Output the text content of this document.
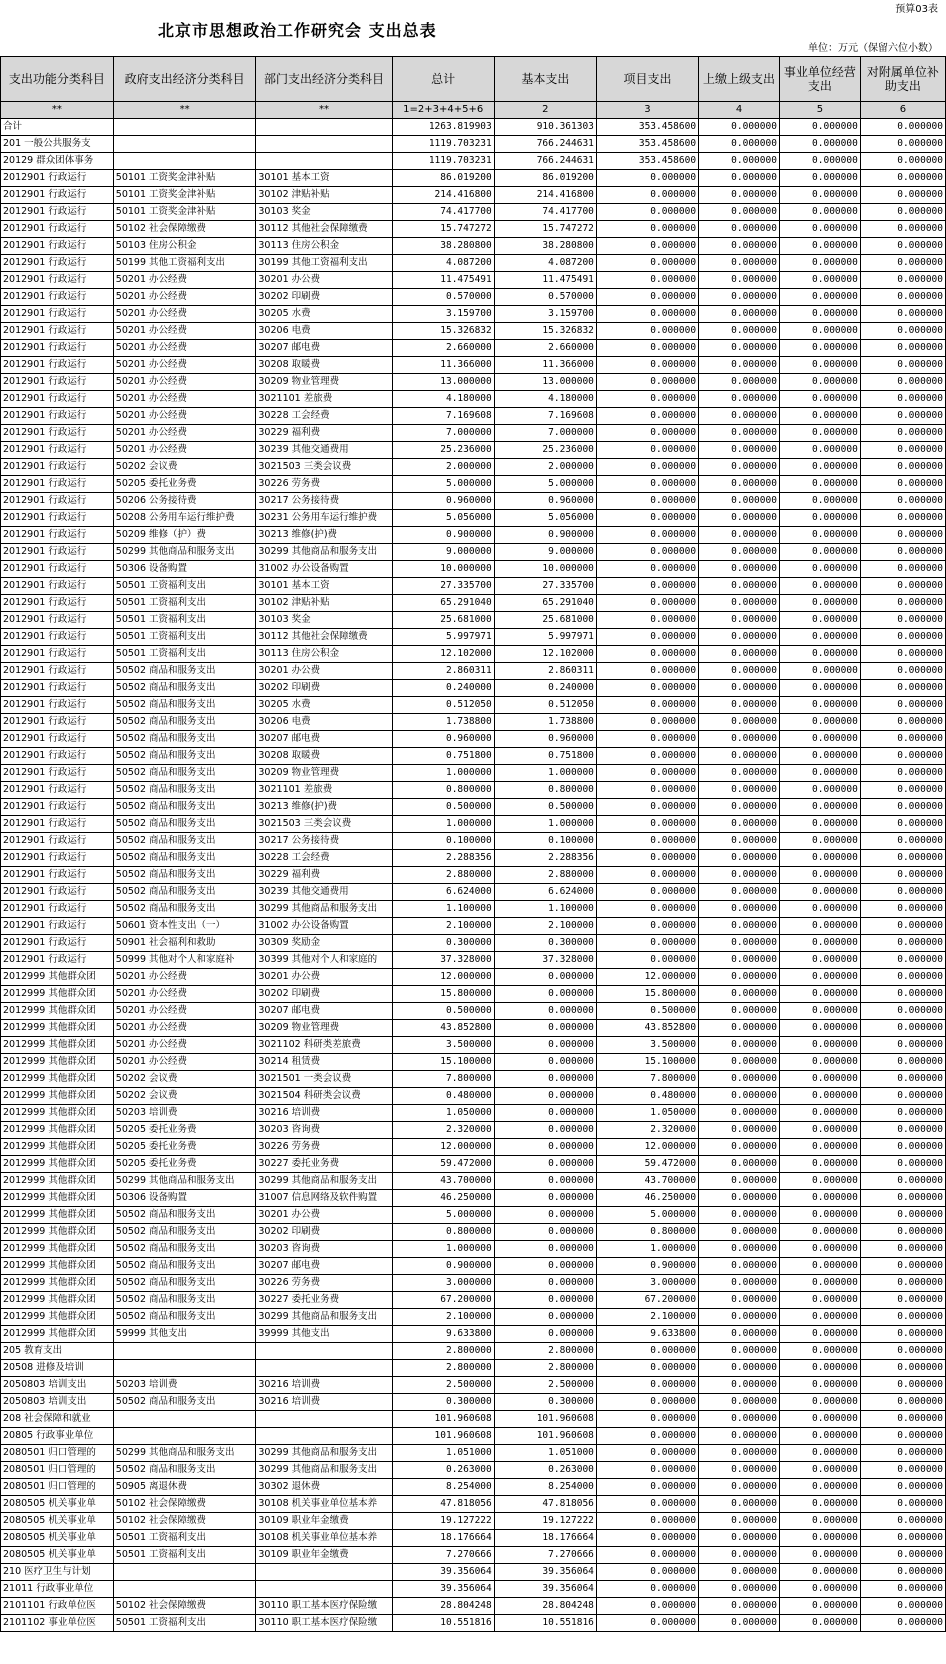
预算03表
北京市思想政治工作研究会 支出总表
单位：万元（保留六位小数）
支出功能分类科目	政府支出经济分类科目	部门支出经济分类科目	总计	基本支出	项目支出	上缴上级支出	事业单位经营支出	对附属单位补助支出
**	**	**	1=2+3+4+5+6	2	3	4	5	6
合计			1263.819903	910.361303	353.458600	0.000000	0.000000	0.000000
201 一般公共服务支			1119.703231	766.244631	353.458600	0.000000	0.000000	0.000000
20129 群众团体事务			1119.703231	766.244631	353.458600	0.000000	0.000000	0.000000
2012901 行政运行	50101 工资奖金津补贴	30101 基本工资	86.019200	86.019200	0.000000	0.000000	0.000000	0.000000
2012901 行政运行	50101 工资奖金津补贴	30102 津贴补贴	214.416800	214.416800	0.000000	0.000000	0.000000	0.000000
2012901 行政运行	50101 工资奖金津补贴	30103 奖金	74.417700	74.417700	0.000000	0.000000	0.000000	0.000000
2012901 行政运行	50102 社会保障缴费	30112 其他社会保障缴费	15.747272	15.747272	0.000000	0.000000	0.000000	0.000000
2012901 行政运行	50103 住房公积金	30113 住房公积金	38.280800	38.280800	0.000000	0.000000	0.000000	0.000000
2012901 行政运行	50199 其他工资福利支出	30199 其他工资福利支出	4.087200	4.087200	0.000000	0.000000	0.000000	0.000000
2012901 行政运行	50201 办公经费	30201 办公费	11.475491	11.475491	0.000000	0.000000	0.000000	0.000000
2012901 行政运行	50201 办公经费	30202 印刷费	0.570000	0.570000	0.000000	0.000000	0.000000	0.000000
2012901 行政运行	50201 办公经费	30205 水费	3.159700	3.159700	0.000000	0.000000	0.000000	0.000000
2012901 行政运行	50201 办公经费	30206 电费	15.326832	15.326832	0.000000	0.000000	0.000000	0.000000
2012901 行政运行	50201 办公经费	30207 邮电费	2.660000	2.660000	0.000000	0.000000	0.000000	0.000000
2012901 行政运行	50201 办公经费	30208 取暖费	11.366000	11.366000	0.000000	0.000000	0.000000	0.000000
2012901 行政运行	50201 办公经费	30209 物业管理费	13.000000	13.000000	0.000000	0.000000	0.000000	0.000000
2012901 行政运行	50201 办公经费	3021101 差旅费	4.180000	4.180000	0.000000	0.000000	0.000000	0.000000
2012901 行政运行	50201 办公经费	30228 工会经费	7.169608	7.169608	0.000000	0.000000	0.000000	0.000000
2012901 行政运行	50201 办公经费	30229 福利费	7.000000	7.000000	0.000000	0.000000	0.000000	0.000000
2012901 行政运行	50201 办公经费	30239 其他交通费用	25.236000	25.236000	0.000000	0.000000	0.000000	0.000000
2012901 行政运行	50202 会议费	3021503 三类会议费	2.000000	2.000000	0.000000	0.000000	0.000000	0.000000
2012901 行政运行	50205 委托业务费	30226 劳务费	5.000000	5.000000	0.000000	0.000000	0.000000	0.000000
2012901 行政运行	50206 公务接待费	30217 公务接待费	0.960000	0.960000	0.000000	0.000000	0.000000	0.000000
2012901 行政运行	50208 公务用车运行维护费	30231 公务用车运行维护费	5.056000	5.056000	0.000000	0.000000	0.000000	0.000000
2012901 行政运行	50209 维修（护）费	30213 维修(护)费	0.900000	0.900000	0.000000	0.000000	0.000000	0.000000
2012901 行政运行	50299 其他商品和服务支出	30299 其他商品和服务支出	9.000000	9.000000	0.000000	0.000000	0.000000	0.000000
2012901 行政运行	50306 设备购置	31002 办公设备购置	10.000000	10.000000	0.000000	0.000000	0.000000	0.000000
2012901 行政运行	50501 工资福利支出	30101 基本工资	27.335700	27.335700	0.000000	0.000000	0.000000	0.000000
2012901 行政运行	50501 工资福利支出	30102 津贴补贴	65.291040	65.291040	0.000000	0.000000	0.000000	0.000000
2012901 行政运行	50501 工资福利支出	30103 奖金	25.681000	25.681000	0.000000	0.000000	0.000000	0.000000
2012901 行政运行	50501 工资福利支出	30112 其他社会保障缴费	5.997971	5.997971	0.000000	0.000000	0.000000	0.000000
2012901 行政运行	50501 工资福利支出	30113 住房公积金	12.102000	12.102000	0.000000	0.000000	0.000000	0.000000
2012901 行政运行	50502 商品和服务支出	30201 办公费	2.860311	2.860311	0.000000	0.000000	0.000000	0.000000
2012901 行政运行	50502 商品和服务支出	30202 印刷费	0.240000	0.240000	0.000000	0.000000	0.000000	0.000000
2012901 行政运行	50502 商品和服务支出	30205 水费	0.512050	0.512050	0.000000	0.000000	0.000000	0.000000
2012901 行政运行	50502 商品和服务支出	30206 电费	1.738800	1.738800	0.000000	0.000000	0.000000	0.000000
2012901 行政运行	50502 商品和服务支出	30207 邮电费	0.960000	0.960000	0.000000	0.000000	0.000000	0.000000
2012901 行政运行	50502 商品和服务支出	30208 取暖费	0.751800	0.751800	0.000000	0.000000	0.000000	0.000000
2012901 行政运行	50502 商品和服务支出	30209 物业管理费	1.000000	1.000000	0.000000	0.000000	0.000000	0.000000
2012901 行政运行	50502 商品和服务支出	3021101 差旅费	0.800000	0.800000	0.000000	0.000000	0.000000	0.000000
2012901 行政运行	50502 商品和服务支出	30213 维修(护)费	0.500000	0.500000	0.000000	0.000000	0.000000	0.000000
2012901 行政运行	50502 商品和服务支出	3021503 三类会议费	1.000000	1.000000	0.000000	0.000000	0.000000	0.000000
2012901 行政运行	50502 商品和服务支出	30217 公务接待费	0.100000	0.100000	0.000000	0.000000	0.000000	0.000000
2012901 行政运行	50502 商品和服务支出	30228 工会经费	2.288356	2.288356	0.000000	0.000000	0.000000	0.000000
2012901 行政运行	50502 商品和服务支出	30229 福利费	2.880000	2.880000	0.000000	0.000000	0.000000	0.000000
2012901 行政运行	50502 商品和服务支出	30239 其他交通费用	6.624000	6.624000	0.000000	0.000000	0.000000	0.000000
2012901 行政运行	50502 商品和服务支出	30299 其他商品和服务支出	1.100000	1.100000	0.000000	0.000000	0.000000	0.000000
2012901 行政运行	50601 资本性支出（一）	31002 办公设备购置	2.100000	2.100000	0.000000	0.000000	0.000000	0.000000
2012901 行政运行	50901 社会福利和救助	30309 奖励金	0.300000	0.300000	0.000000	0.000000	0.000000	0.000000
2012901 行政运行	50999 其他对个人和家庭补	30399 其他对个人和家庭的	37.328000	37.328000	0.000000	0.000000	0.000000	0.000000
2012999 其他群众团	50201 办公经费	30201 办公费	12.000000	0.000000	12.000000	0.000000	0.000000	0.000000
2012999 其他群众团	50201 办公经费	30202 印刷费	15.800000	0.000000	15.800000	0.000000	0.000000	0.000000
2012999 其他群众团	50201 办公经费	30207 邮电费	0.500000	0.000000	0.500000	0.000000	0.000000	0.000000
2012999 其他群众团	50201 办公经费	30209 物业管理费	43.852800	0.000000	43.852800	0.000000	0.000000	0.000000
2012999 其他群众团	50201 办公经费	3021102 科研类差旅费	3.500000	0.000000	3.500000	0.000000	0.000000	0.000000
2012999 其他群众团	50201 办公经费	30214 租赁费	15.100000	0.000000	15.100000	0.000000	0.000000	0.000000
2012999 其他群众团	50202 会议费	3021501 一类会议费	7.800000	0.000000	7.800000	0.000000	0.000000	0.000000
2012999 其他群众团	50202 会议费	3021504 科研类会议费	0.480000	0.000000	0.480000	0.000000	0.000000	0.000000
2012999 其他群众团	50203 培训费	30216 培训费	1.050000	0.000000	1.050000	0.000000	0.000000	0.000000
2012999 其他群众团	50205 委托业务费	30203 咨询费	2.320000	0.000000	2.320000	0.000000	0.000000	0.000000
2012999 其他群众团	50205 委托业务费	30226 劳务费	12.000000	0.000000	12.000000	0.000000	0.000000	0.000000
2012999 其他群众团	50205 委托业务费	30227 委托业务费	59.472000	0.000000	59.472000	0.000000	0.000000	0.000000
2012999 其他群众团	50299 其他商品和服务支出	30299 其他商品和服务支出	43.700000	0.000000	43.700000	0.000000	0.000000	0.000000
2012999 其他群众团	50306 设备购置	31007 信息网络及软件购置	46.250000	0.000000	46.250000	0.000000	0.000000	0.000000
2012999 其他群众团	50502 商品和服务支出	30201 办公费	5.000000	0.000000	5.000000	0.000000	0.000000	0.000000
2012999 其他群众团	50502 商品和服务支出	30202 印刷费	0.800000	0.000000	0.800000	0.000000	0.000000	0.000000
2012999 其他群众团	50502 商品和服务支出	30203 咨询费	1.000000	0.000000	1.000000	0.000000	0.000000	0.000000
2012999 其他群众团	50502 商品和服务支出	30207 邮电费	0.900000	0.000000	0.900000	0.000000	0.000000	0.000000
2012999 其他群众团	50502 商品和服务支出	30226 劳务费	3.000000	0.000000	3.000000	0.000000	0.000000	0.000000
2012999 其他群众团	50502 商品和服务支出	30227 委托业务费	67.200000	0.000000	67.200000	0.000000	0.000000	0.000000
2012999 其他群众团	50502 商品和服务支出	30299 其他商品和服务支出	2.100000	0.000000	2.100000	0.000000	0.000000	0.000000
2012999 其他群众团	59999 其他支出	39999 其他支出	9.633800	0.000000	9.633800	0.000000	0.000000	0.000000
205 教育支出			2.800000	2.800000	0.000000	0.000000	0.000000	0.000000
20508 进修及培训			2.800000	2.800000	0.000000	0.000000	0.000000	0.000000
2050803 培训支出	50203 培训费	30216 培训费	2.500000	2.500000	0.000000	0.000000	0.000000	0.000000
2050803 培训支出	50502 商品和服务支出	30216 培训费	0.300000	0.300000	0.000000	0.000000	0.000000	0.000000
208 社会保障和就业			101.960608	101.960608	0.000000	0.000000	0.000000	0.000000
20805 行政事业单位			101.960608	101.960608	0.000000	0.000000	0.000000	0.000000
2080501 归口管理的	50299 其他商品和服务支出	30299 其他商品和服务支出	1.051000	1.051000	0.000000	0.000000	0.000000	0.000000
2080501 归口管理的	50502 商品和服务支出	30299 其他商品和服务支出	0.263000	0.263000	0.000000	0.000000	0.000000	0.000000
2080501 归口管理的	50905 离退休费	30302 退休费	8.254000	8.254000	0.000000	0.000000	0.000000	0.000000
2080505 机关事业单	50102 社会保障缴费	30108 机关事业单位基本养	47.818056	47.818056	0.000000	0.000000	0.000000	0.000000
2080505 机关事业单	50102 社会保障缴费	30109 职业年金缴费	19.127222	19.127222	0.000000	0.000000	0.000000	0.000000
2080505 机关事业单	50501 工资福利支出	30108 机关事业单位基本养	18.176664	18.176664	0.000000	0.000000	0.000000	0.000000
2080505 机关事业单	50501 工资福利支出	30109 职业年金缴费	7.270666	7.270666	0.000000	0.000000	0.000000	0.000000
210 医疗卫生与计划			39.356064	39.356064	0.000000	0.000000	0.000000	0.000000
21011 行政事业单位			39.356064	39.356064	0.000000	0.000000	0.000000	0.000000
2101101 行政单位医	50102 社会保障缴费	30110 职工基本医疗保险缴	28.804248	28.804248	0.000000	0.000000	0.000000	0.000000
2101102 事业单位医	50501 工资福利支出	30110 职工基本医疗保险缴	10.551816	10.551816	0.000000	0.000000	0.000000	0.000000
